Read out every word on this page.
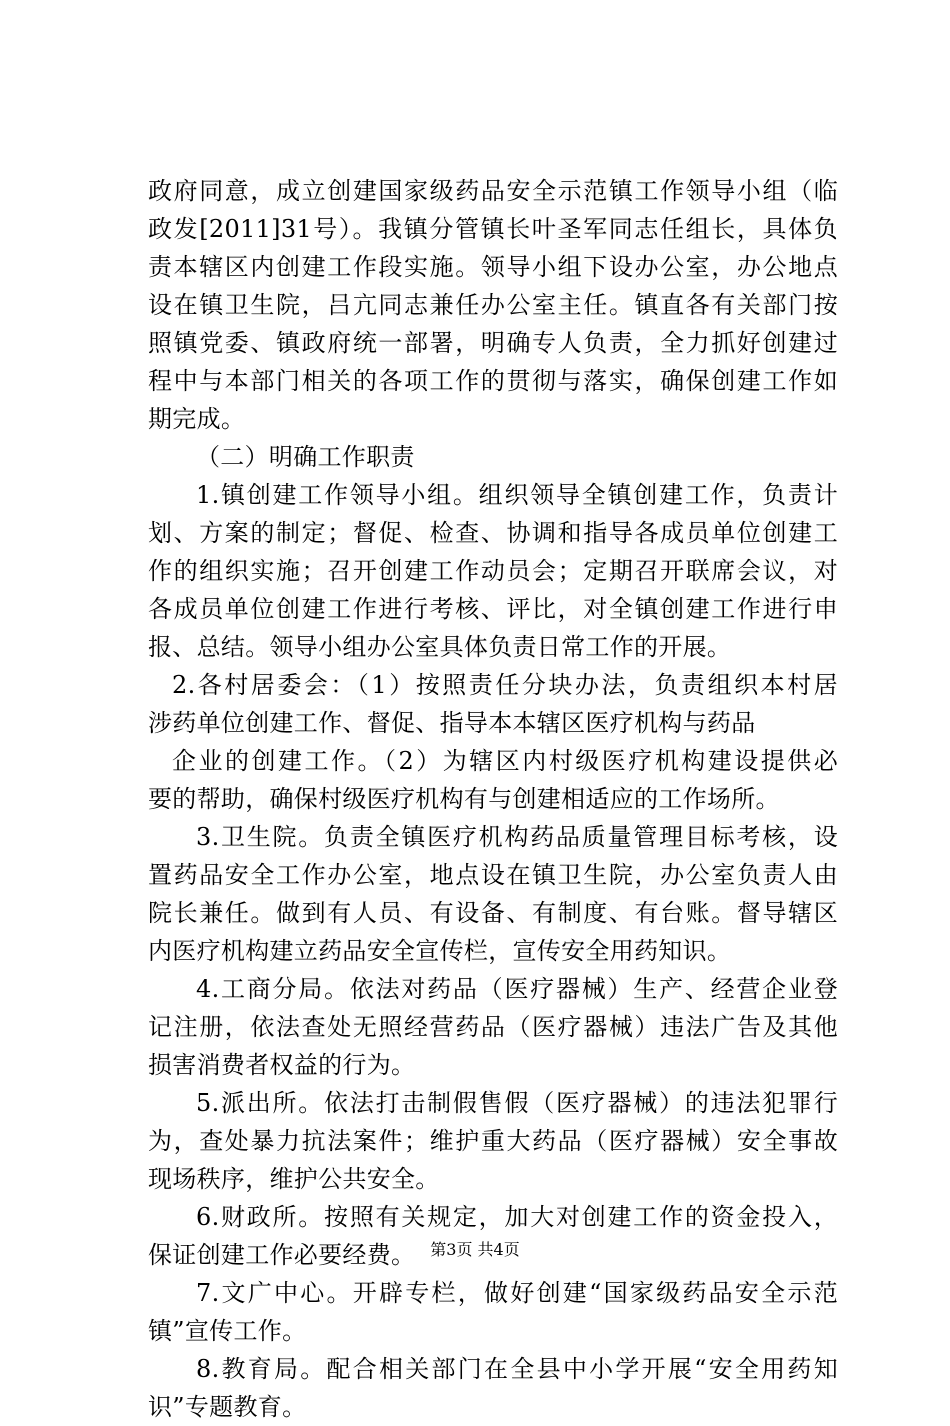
政府同意，成立创建国家级药品安全示范镇工作领导小组（临
政发[2011]31号）。我镇分管镇长叶圣军同志任组长，具体负
责本辖区内创建工作段实施。领导小组下设办公室，办公地点
设在镇卫生院，吕亢同志兼任办公室主任。镇直各有关部门按
照镇党委、镇政府统一部署，明确专人负责，全力抓好创建过
程中与本部门相关的各项工作的贯彻与落实，确保创建工作如
期完成。
（二）明确工作职责
1.镇创建工作领导小组。组织领导全镇创建工作，负责计
划、方案的制定；督促、检查、协调和指导各成员单位创建工
作的组织实施；召开创建工作动员会；定期召开联席会议，对
各成员单位创建工作进行考核、评比，对全镇创建工作进行申
报、总结。领导小组办公室具体负责日常工作的开展。
2.各村居委会：（1）按照责任分块办法，负责组织本村居
涉药单位创建工作、督促、指导本本辖区医疗机构与药品
企业的创建工作。（2）为辖区内村级医疗机构建设提供必
要的帮助，确保村级医疗机构有与创建相适应的工作场所。
3.卫生院。负责全镇医疗机构药品质量管理目标考核，设
置药品安全工作办公室，地点设在镇卫生院，办公室负责人由
院长兼任。做到有人员、有设备、有制度、有台账。督导辖区
内医疗机构建立药品安全宣传栏，宣传安全用药知识。
4.工商分局。依法对药品（医疗器械）生产、经营企业登
记注册，依法查处无照经营药品（医疗器械）违法广告及其他
损害消费者权益的行为。
5.派出所。依法打击制假售假（医疗器械）的违法犯罪行
为，查处暴力抗法案件；维护重大药品（医疗器械）安全事故
现场秩序，维护公共安全。
6.财政所。按照有关规定，加大对创建工作的资金投入，
保证创建工作必要经费。
7.文广中心。开辟专栏，做好创建“国家级药品安全示范
镇”宣传工作。
8.教育局。配合相关部门在全县中小学开展“安全用药知
识”专题教育。
第3页 共4页
